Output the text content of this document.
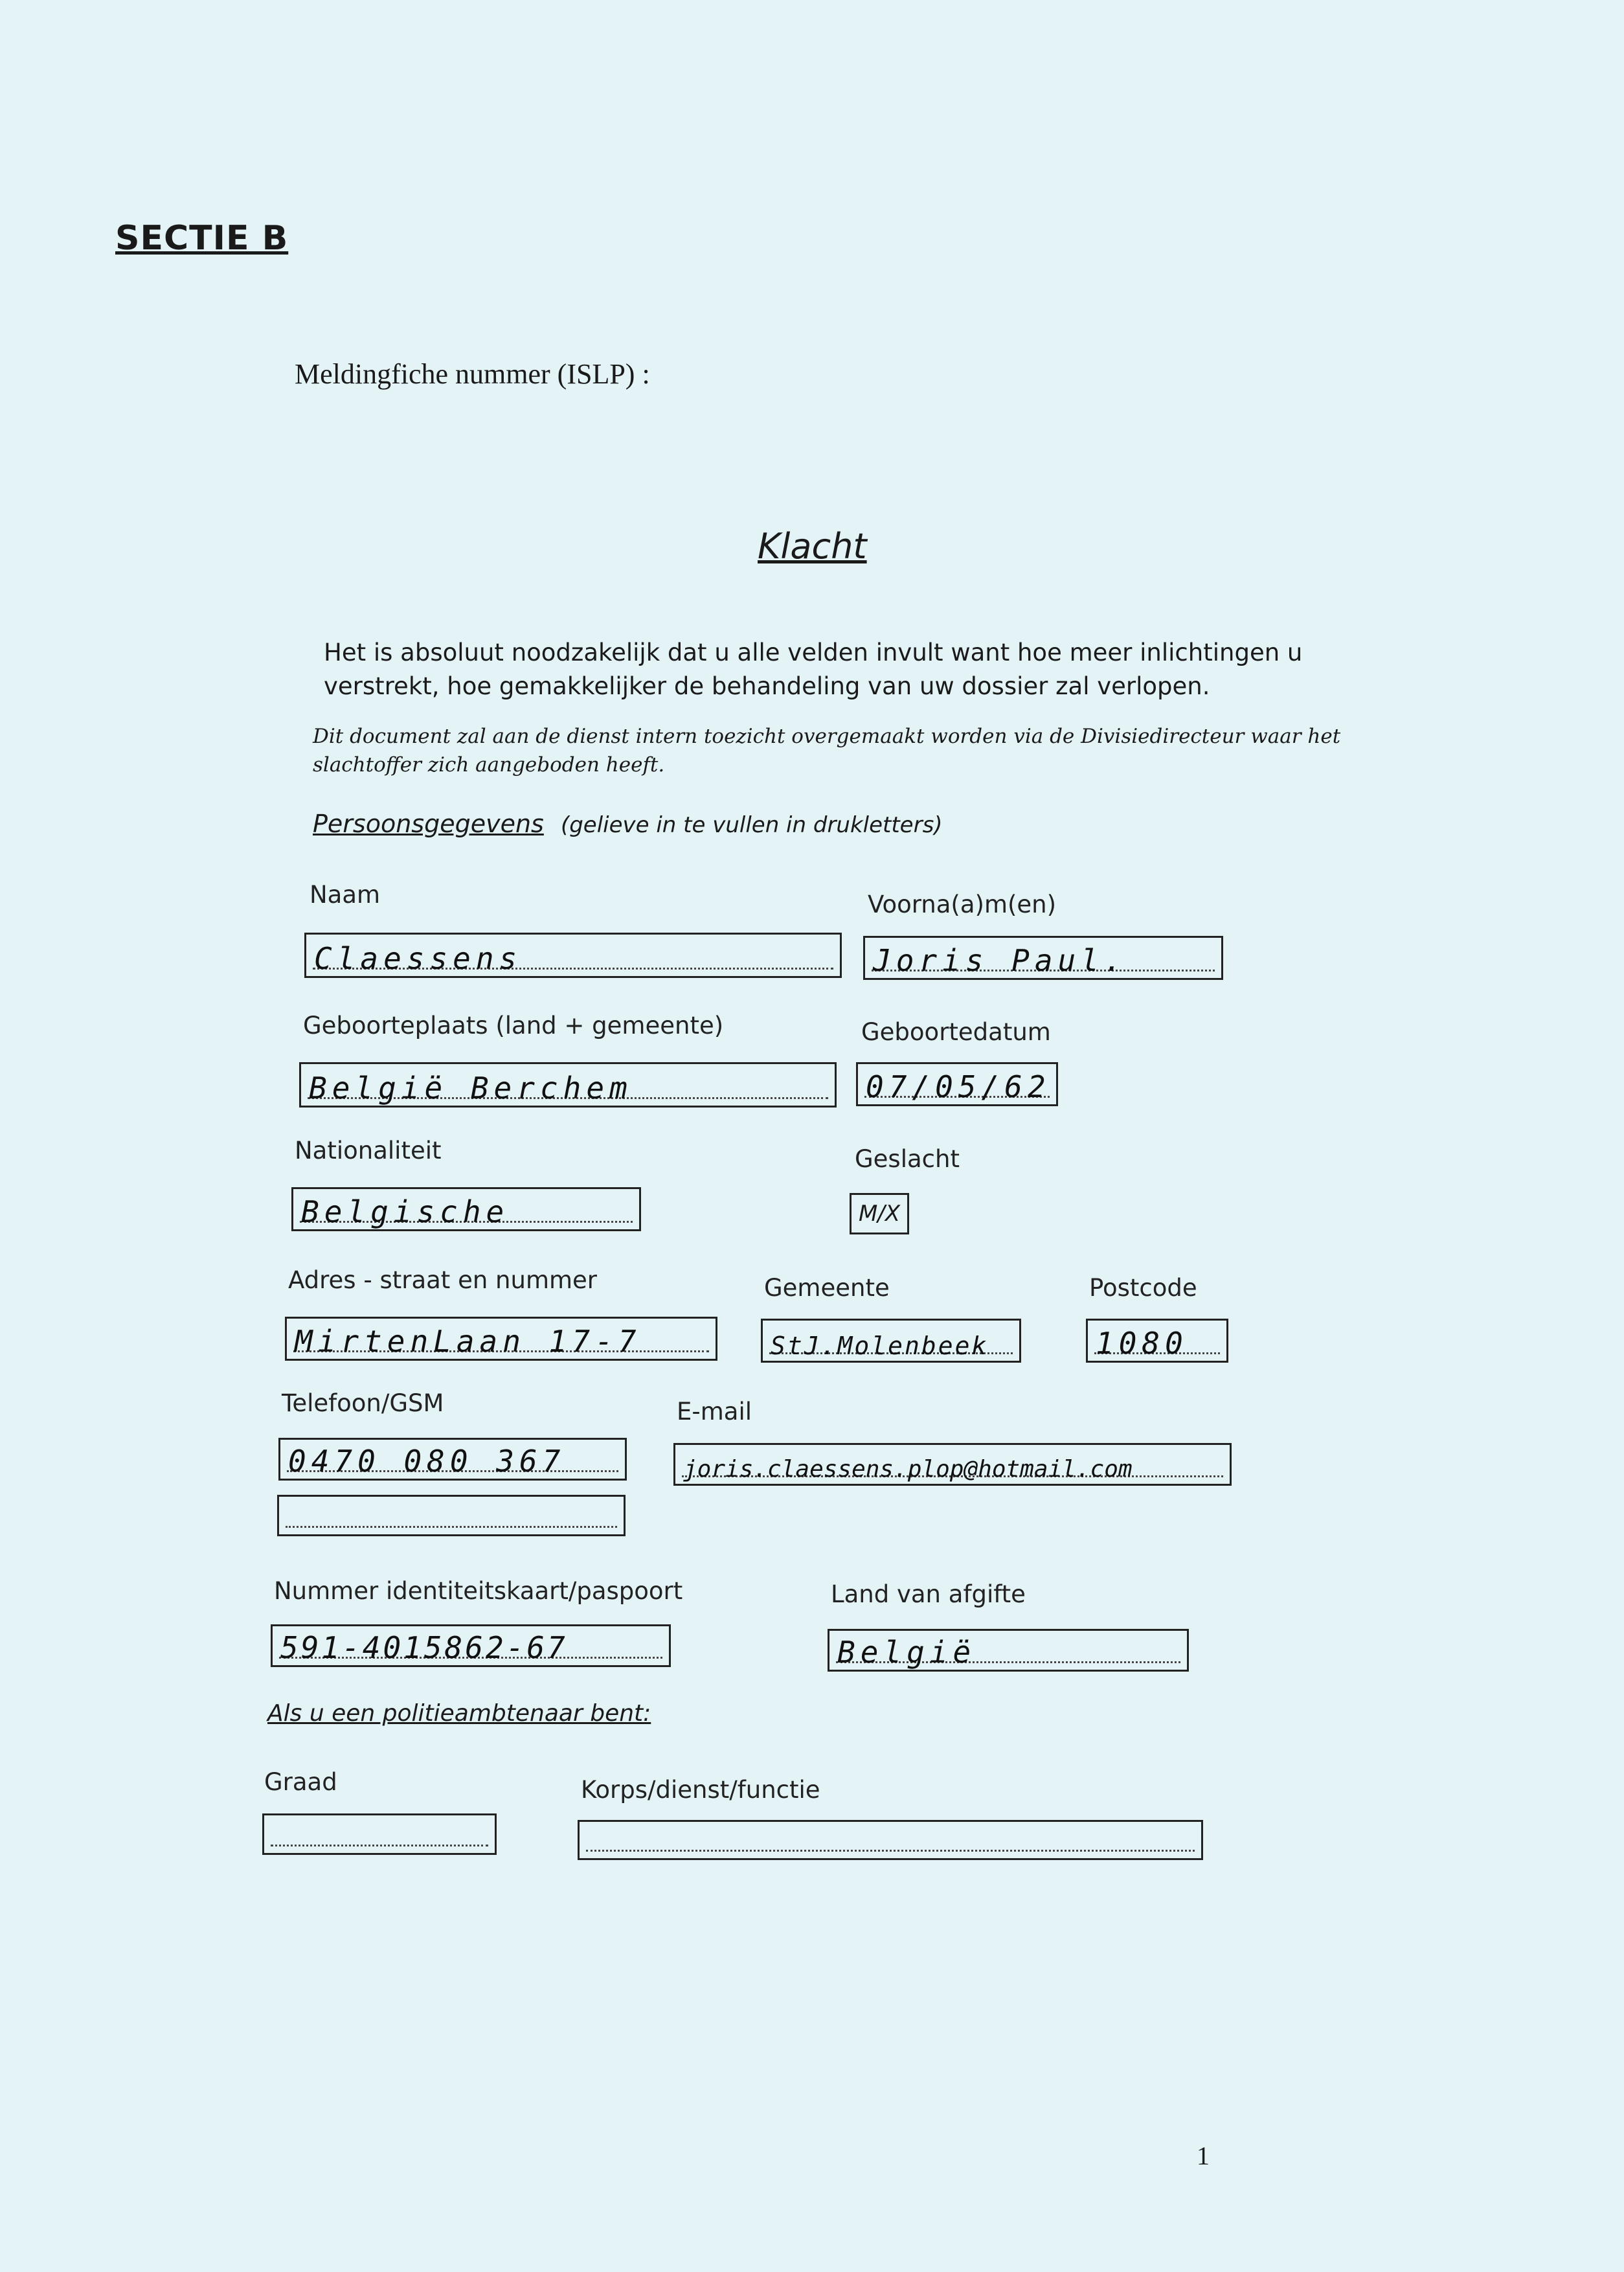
SECTIE B
Meldingfiche nummer (ISLP) :
Klacht
Het is absoluut noodzakelijk dat u alle velden invult want hoe meer inlichtingen u verstrekt, hoe gemakkelijker de behandeling van uw dossier zal verlopen.
Dit document zal aan de dienst intern toezicht overgemaakt worden via de Divisiedirecteur waar het slachtoffer zich aangeboden heeft.
Persoonsgegevens (gelieve in te vullen in drukletters)
Naam
Claessens
Voorna(a)m(en)
Joris Paul.
Geboorteplaats (land + gemeente)
België Berchem
Geboortedatum
07/05/62
Nationaliteit
Belgische
Geslacht
M/X
Adres - straat en nummer
MirtenLaan 17-7
Gemeente
StJ.Molenbeek
Postcode
1080
Telefoon/GSM
0470 080 367
E-mail
joris.claessens.plop@hotmail.com
Nummer identiteitskaart/paspoort
591-4015862-67
Land van afgifte
België
Als u een politieambtenaar bent:
Graad	Korps/dienst/functie
1
